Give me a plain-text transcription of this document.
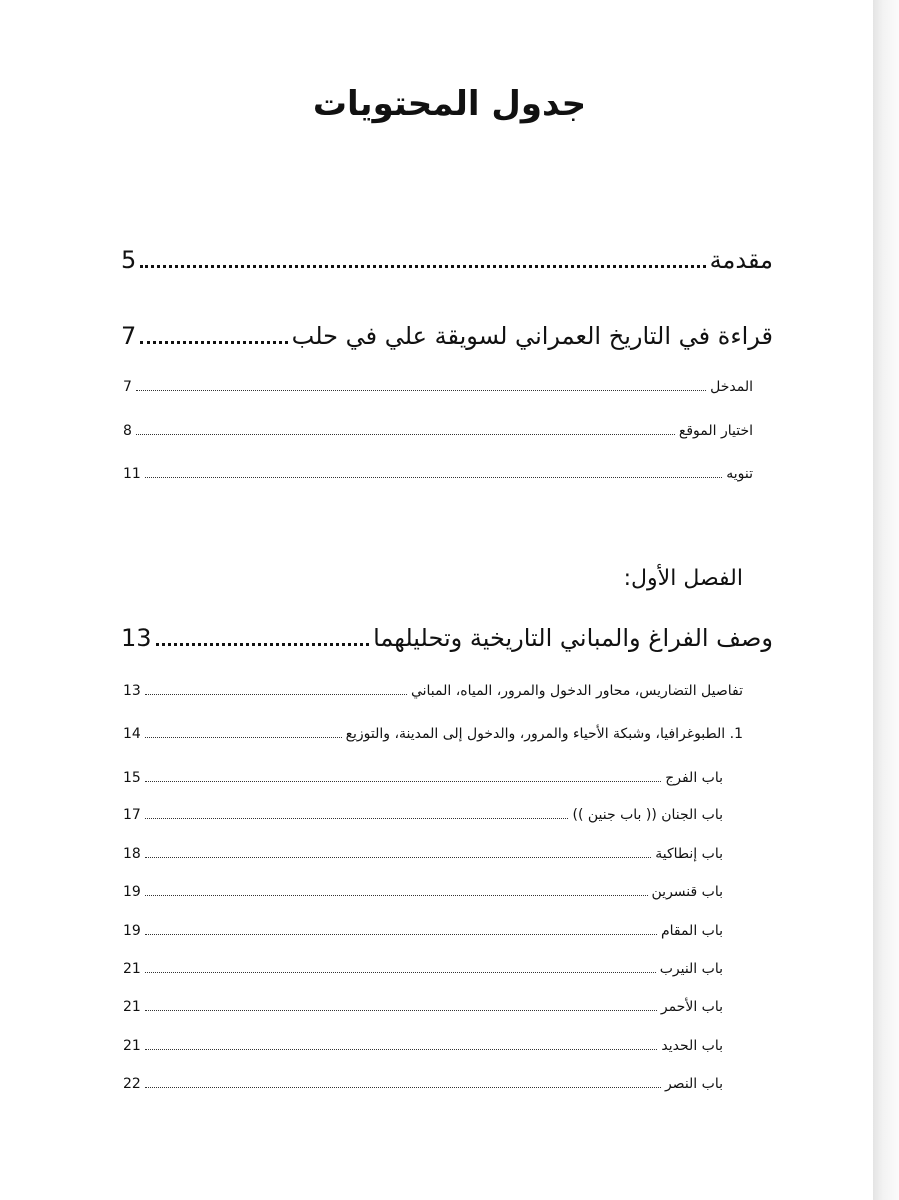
جدول المحتويات
مقدمة
5
قراءة في التاريخ العمراني لسويقة علي في حلب
7
المدخل
7
اختيار الموقع
8
تنويه
11
الفصل الأول:
وصف الفراغ والمباني التاريخية وتحليلهما
13
تفاصيل التضاريس، محاور الدخول والمرور، المياه، المباني
13
1. الطبوغرافيا، وشبكة الأحياء والمرور، والدخول إلى المدينة، والتوزيع
14
باب الفرج
15
باب الجنان (( باب جنين ))
17
باب إنطاكية
18
باب قنسرين
19
باب المقام
19
باب النيرب
21
باب الأحمر
21
باب الحديد
21
باب النصر
22
